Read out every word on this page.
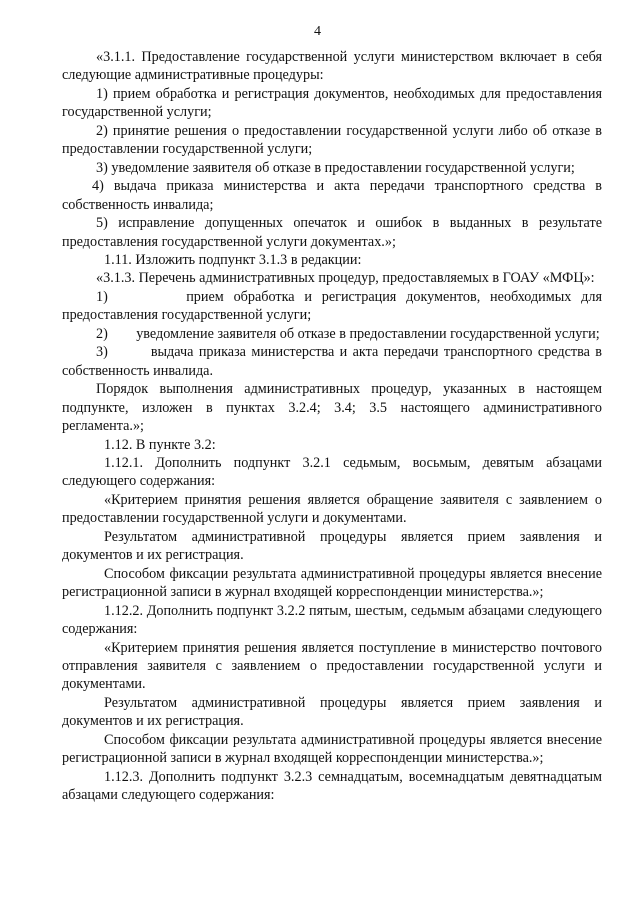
4

«3.1.1. Предоставление государственной услуги министерством включает в себя следующие административные процедуры:

1) прием обработка и регистрация документов, необходимых для предоставления государственной услуги;

2) принятие решения о предоставлении государственной услуги либо об отказе в предоставлении государственной услуги;

3) уведомление заявителя об отказе в предоставлении государственной услуги;

4) выдача приказа министерства и акта передачи транспортного средства в собственность инвалида;

5) исправление допущенных опечаток и ошибок в выданных в результате предоставления государственной услуги документах.»;

1.11. Изложить подпункт 3.1.3 в редакции:

«3.1.3. Перечень административных процедур, предоставляемых в ГОАУ «МФЦ»:

1)        прием обработка и регистрация документов, необходимых для предоставления государственной услуги;

2)        уведомление заявителя об отказе в предоставлении государственной услуги;

3)        выдача приказа министерства и акта передачи транспортного средства в собственность инвалида.

Порядок выполнения административных процедур, указанных в настоящем подпункте, изложен в пунктах 3.2.4; 3.4; 3.5 настоящего административного регламента.»;

1.12. В пункте 3.2:

1.12.1. Дополнить подпункт 3.2.1 седьмым, восьмым, девятым абзацами следующего содержания:

«Критерием принятия решения является обращение заявителя с заявлением о предоставлении государственной услуги и документами.

Результатом административной процедуры является прием заявления и документов и их регистрация.

Способом фиксации результата административной процедуры является внесение регистрационной записи в журнал входящей корреспонденции министерства.»;

1.12.2. Дополнить подпункт 3.2.2 пятым, шестым, седьмым абзацами следующего содержания:

«Критерием принятия решения является поступление в министерство почтового отправления заявителя с заявлением о предоставлении государственной услуги и документами.

Результатом административной процедуры является прием заявления и документов и их регистрация.

Способом фиксации результата административной процедуры является внесение регистрационной записи в журнал входящей корреспонденции министерства.»;

1.12.3. Дополнить подпункт 3.2.3 семнадцатым, восемнадцатым девятнадцатым абзацами следующего содержания:
